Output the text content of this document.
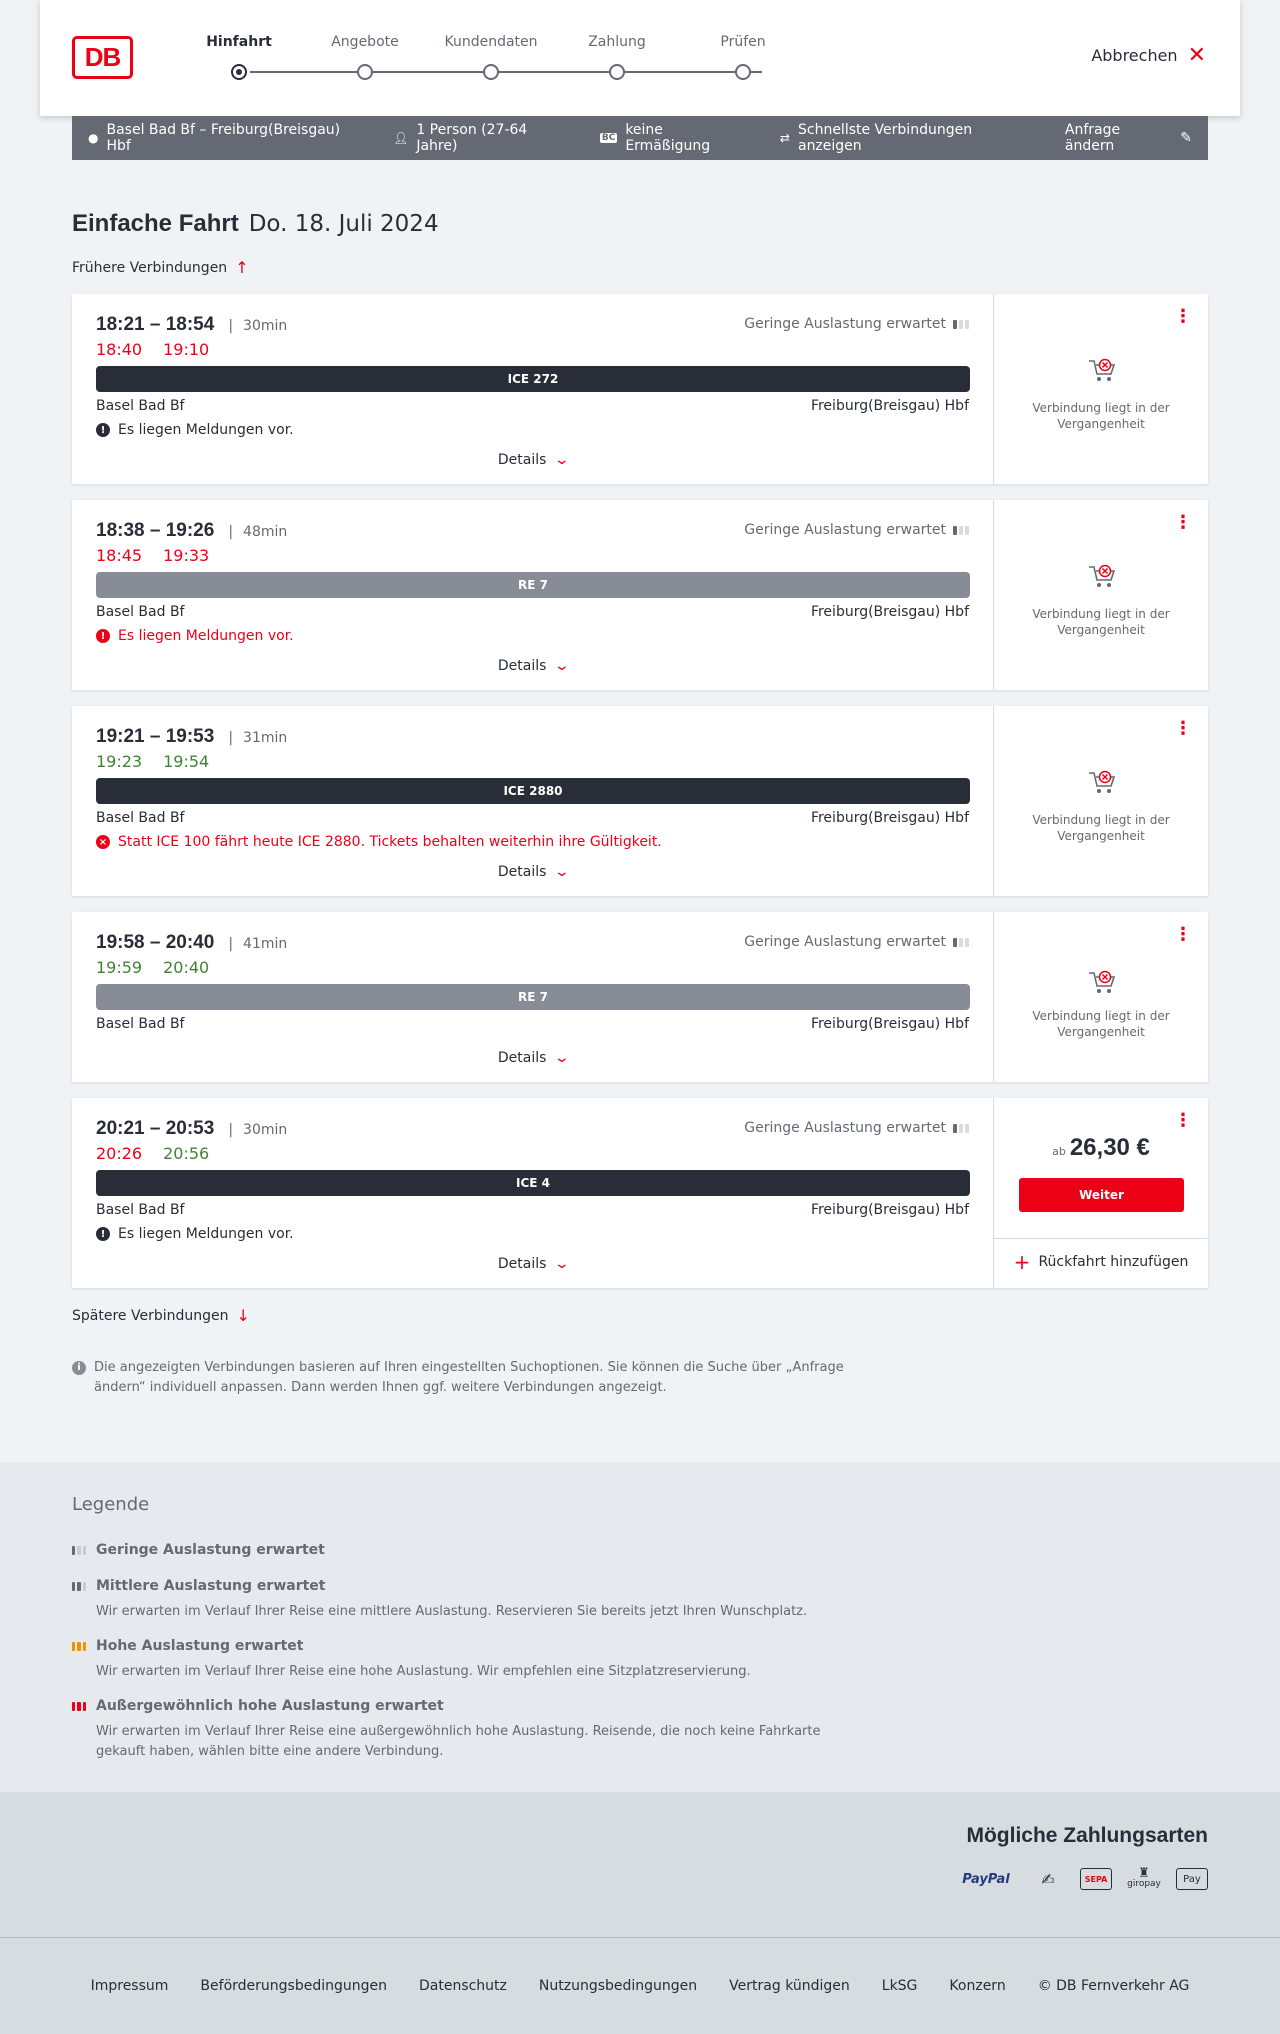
DB	Hinfahrt	Angebote	Kundendaten	Zahlung	Prüfen
Abbrechen ✕
● Basel Bad Bf – Freiburg(Breisgau) Hbf	👤︎ 1 Person (27-64 Jahre)	BC keine Ermäßigung	⇄ Schnellste Verbindungen anzeigen
Anfrage ändern	✎
Einfache Fahrt Do. 18. Juli 2024
Frühere Verbindungen ↑
18:21 – 18:54 | 30min
18:40 19:10
Geringe Auslastung erwartet
ICE 272
Basel Bad Bf	Freiburg(Breisgau) Hbf
! Es liegen Meldungen vor.
Details ⌄
⋮
Verbindung liegt in der Vergangenheit
18:38 – 19:26 | 48min
18:45 19:33
Geringe Auslastung erwartet
RE 7
Basel Bad Bf	Freiburg(Breisgau) Hbf
! Es liegen Meldungen vor.
Details ⌄
⋮
Verbindung liegt in der Vergangenheit
19:21 – 19:53 | 31min
19:23 19:54
ICE 2880
Basel Bad Bf	Freiburg(Breisgau) Hbf
× Statt ICE 100 fährt heute ICE 2880. Tickets behalten weiterhin ihre Gültigkeit.
Details ⌄
⋮
Verbindung liegt in der Vergangenheit
19:58 – 20:40 | 41min
19:59 20:40
Geringe Auslastung erwartet
RE 7
Basel Bad Bf	Freiburg(Breisgau) Hbf
Details ⌄
⋮
Verbindung liegt in der Vergangenheit
20:21 – 20:53 | 30min
20:26 20:56
Geringe Auslastung erwartet
ICE 4
Basel Bad Bf	Freiburg(Breisgau) Hbf
! Es liegen Meldungen vor.
Details ⌄
⋮
ab 26,30 €
Weiter
+ Rückfahrt hinzufügen
Spätere Verbindungen ↓
i	Die angezeigten Verbindungen basieren auf Ihren eingestellten Suchoptionen. Sie können die Suche über „Anfrage ändern“ individuell anpassen. Dann werden Ihnen ggf. weitere Verbindungen angezeigt.
Legende
Geringe Auslastung erwartet
Mittlere Auslastung erwartet
Wir erwarten im Verlauf Ihrer Reise eine mittlere Auslastung. Reservieren Sie bereits jetzt Ihren Wunschplatz.
Hohe Auslastung erwartet
Wir erwarten im Verlauf Ihrer Reise eine hohe Auslastung. Wir empfehlen eine Sitzplatzreservierung.
Außergewöhnlich hohe Auslastung erwartet
Wir erwarten im Verlauf Ihrer Reise eine außergewöhnlich hohe Auslastung. Reisende, die noch keine Fahrkarte gekauft haben, wählen bitte eine andere Verbindung.
Mögliche Zahlungsarten
PayPal	✍	SEPA	♜
giropay Pay
Impressum Beförderungsbedingungen Datenschutz Nutzungsbedingungen Vertrag kündigen LkSG Konzern © DB Fernverkehr AG
